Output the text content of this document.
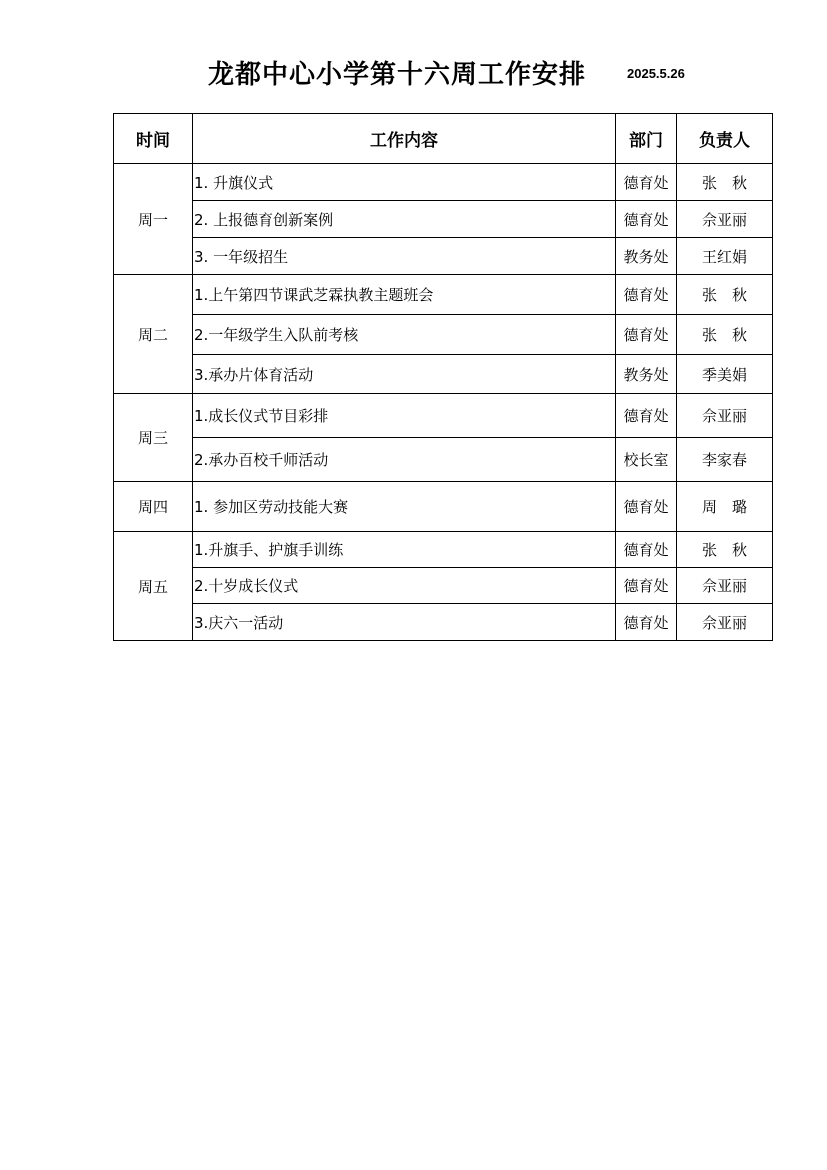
龙都中心小学第十六周工作安排	2025.5.26
时间	工作内容	部门	负责人
周一	1. 升旗仪式	德育处	张　秋
	2. 上报德育创新案例	德育处	佘亚丽
	3. 一年级招生	教务处	王红娟
周二	1.上午第四节课武芝霖执教主题班会	德育处	张　秋
	2.一年级学生入队前考核	德育处	张　秋
	3.承办片体育活动	教务处	季美娟
周三	1.成长仪式节目彩排	德育处	佘亚丽
	2.承办百校千师活动	校长室	李家春
周四	1. 参加区劳动技能大赛	德育处	周　璐
周五	1.升旗手、护旗手训练	德育处	张　秋
	2.十岁成长仪式	德育处	佘亚丽
	3.庆六一活动	德育处	佘亚丽
